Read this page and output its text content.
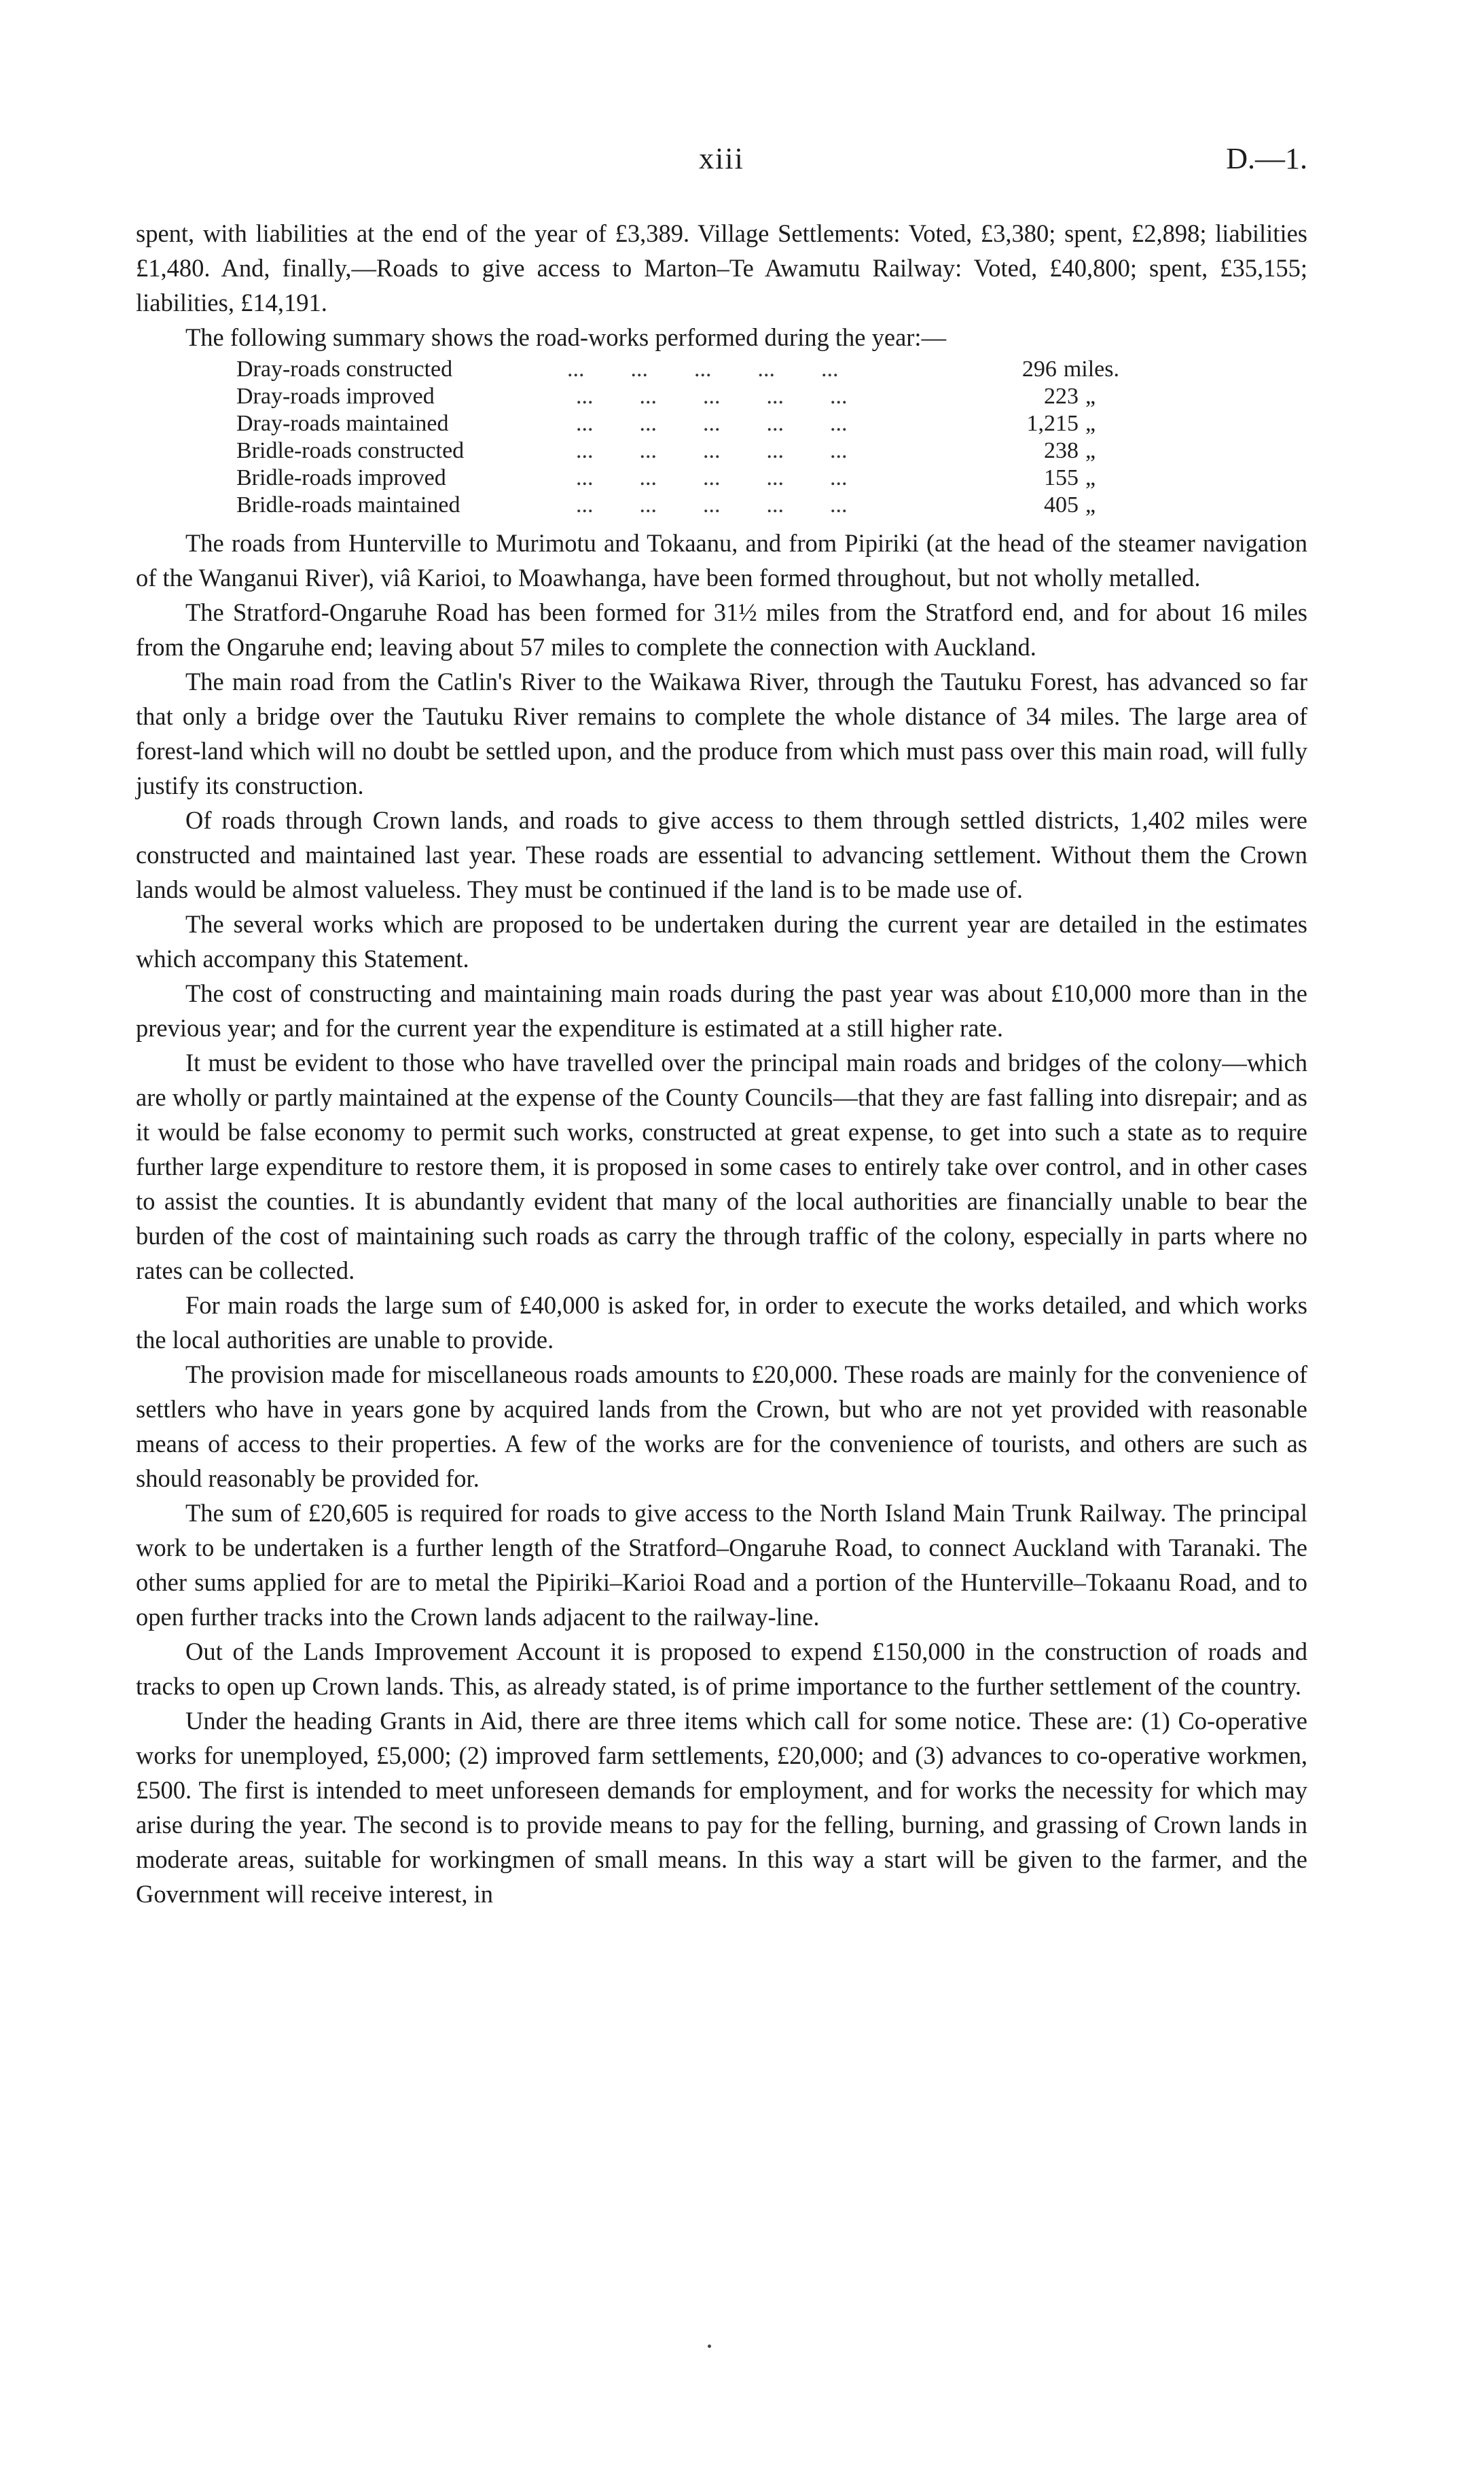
xiii	D.—1.

spent, with liabilities at the end of the year of £3,389. Village Settlements: Voted, £3,380; spent, £2,898; liabilities £1,480. And, finally,—Roads to give access to Marton–Te Awamutu Railway: Voted, £40,800; spent, £35,155; liabilities, £14,191.

The following summary shows the road-works performed during the year:—

Dray-roads constructed	...        ...        ...        ...        ...	296 miles.
Dray-roads improved	...        ...        ...        ...        ...	223 „
Dray-roads maintained	...        ...        ...        ...        ...	1,215 „
Bridle-roads constructed	...        ...        ...        ...        ...	238 „
Bridle-roads improved	...        ...        ...        ...        ...	155 „
Bridle-roads maintained	...        ...        ...        ...        ...	405 „

The roads from Hunterville to Murimotu and Tokaanu, and from Pipiriki (at the head of the steamer navigation of the Wanganui River), viâ Karioi, to Moawhanga, have been formed throughout, but not wholly metalled.

The Stratford-Ongaruhe Road has been formed for 31½ miles from the Stratford end, and for about 16 miles from the Ongaruhe end; leaving about 57 miles to complete the connection with Auckland.

The main road from the Catlin's River to the Waikawa River, through the Tautuku Forest, has advanced so far that only a bridge over the Tautuku River remains to complete the whole distance of 34 miles. The large area of forest-land which will no doubt be settled upon, and the produce from which must pass over this main road, will fully justify its construction.

Of roads through Crown lands, and roads to give access to them through settled districts, 1,402 miles were constructed and maintained last year. These roads are essential to advancing settlement. Without them the Crown lands would be almost valueless. They must be continued if the land is to be made use of.

The several works which are proposed to be undertaken during the current year are detailed in the estimates which accompany this Statement.

The cost of constructing and maintaining main roads during the past year was about £10,000 more than in the previous year; and for the current year the expenditure is estimated at a still higher rate.

It must be evident to those who have travelled over the principal main roads and bridges of the colony—which are wholly or partly maintained at the expense of the County Councils—that they are fast falling into disrepair; and as it would be false economy to permit such works, constructed at great expense, to get into such a state as to require further large expenditure to restore them, it is proposed in some cases to entirely take over control, and in other cases to assist the counties. It is abundantly evident that many of the local authorities are financially unable to bear the burden of the cost of maintaining such roads as carry the through traffic of the colony, especially in parts where no rates can be collected.

For main roads the large sum of £40,000 is asked for, in order to execute the works detailed, and which works the local authorities are unable to provide.

The provision made for miscellaneous roads amounts to £20,000. These roads are mainly for the convenience of settlers who have in years gone by acquired lands from the Crown, but who are not yet provided with reasonable means of access to their properties. A few of the works are for the convenience of tourists, and others are such as should reasonably be provided for.

The sum of £20,605 is required for roads to give access to the North Island Main Trunk Railway. The principal work to be undertaken is a further length of the Stratford–Ongaruhe Road, to connect Auckland with Taranaki. The other sums applied for are to metal the Pipiriki–Karioi Road and a portion of the Hunterville–Tokaanu Road, and to open further tracks into the Crown lands adjacent to the railway-line.

Out of the Lands Improvement Account it is proposed to expend £150,000 in the construction of roads and tracks to open up Crown lands. This, as already stated, is of prime importance to the further settlement of the country.

Under the heading Grants in Aid, there are three items which call for some notice. These are: (1) Co-operative works for unemployed, £5,000; (2) improved farm settlements, £20,000; and (3) advances to co-operative workmen, £500. The first is intended to meet unforeseen demands for employment, and for works the necessity for which may arise during the year. The second is to provide means to pay for the felling, burning, and grassing of Crown lands in moderate areas, suitable for workingmen of small means. In this way a start will be given to the farmer, and the Government will receive interest, in
